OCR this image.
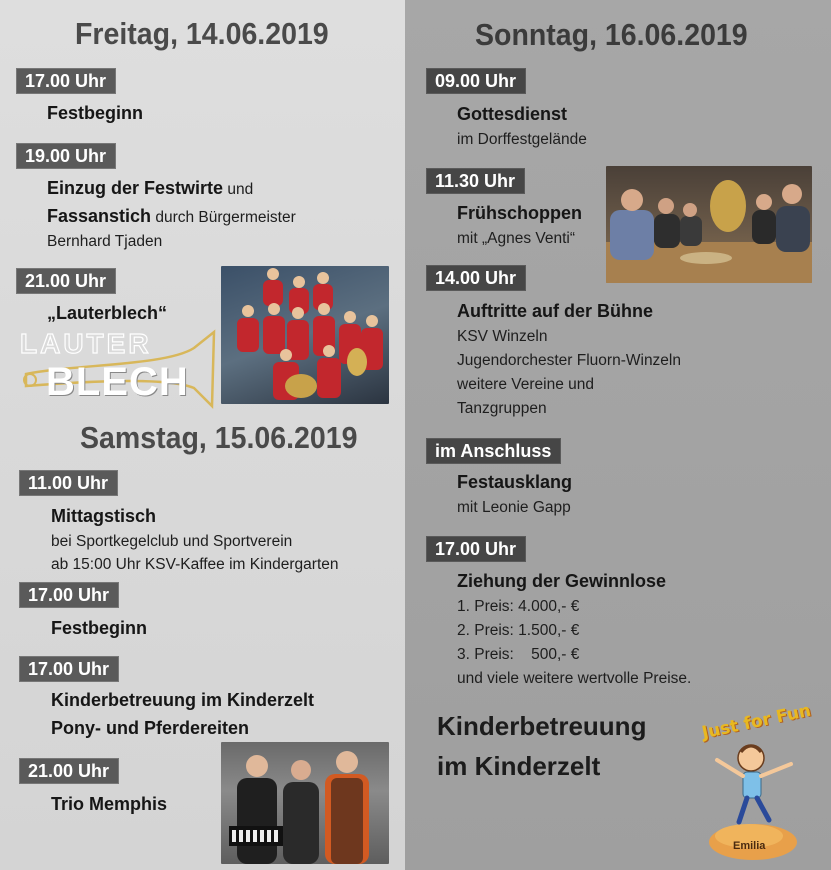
Freitag, 14.06.2019
17.00 Uhr
Festbeginn
19.00 Uhr
Einzug der Festwirte und
Fassanstich durch Bürgermeister
Bernhard Tjaden
21.00 Uhr
„Lauterblech“
LAUTER
BLECH
Samstag, 15.06.2019
11.00 Uhr
Mittagstisch
bei Sportkegelclub und Sportverein
ab 15:00 Uhr KSV-Kaffee im Kindergarten
17.00 Uhr
Festbeginn
17.00 Uhr
Kinderbetreuung im Kinderzelt
Pony- und Pferdereiten
21.00 Uhr
Trio Memphis
Sonntag, 16.06.2019
09.00 Uhr
Gottesdienst
im Dorffestgelände
11.30 Uhr
Frühschoppen
mit „Agnes Venti“
14.00 Uhr
Auftritte auf der Bühne
KSV Winzeln
Jugendorchester Fluorn-Winzeln
weitere Vereine und
Tanzgruppen
im Anschluss
Festausklang
mit Leonie Gapp
17.00 Uhr
Ziehung der Gewinnlose
1. Preis: 4.000,- €
2. Preis: 1.500,- €
3. Preis:    500,- €
und viele weitere wertvolle Preise.
Kinderbetreuung
im Kinderzelt
Just for Fun
Emilia
